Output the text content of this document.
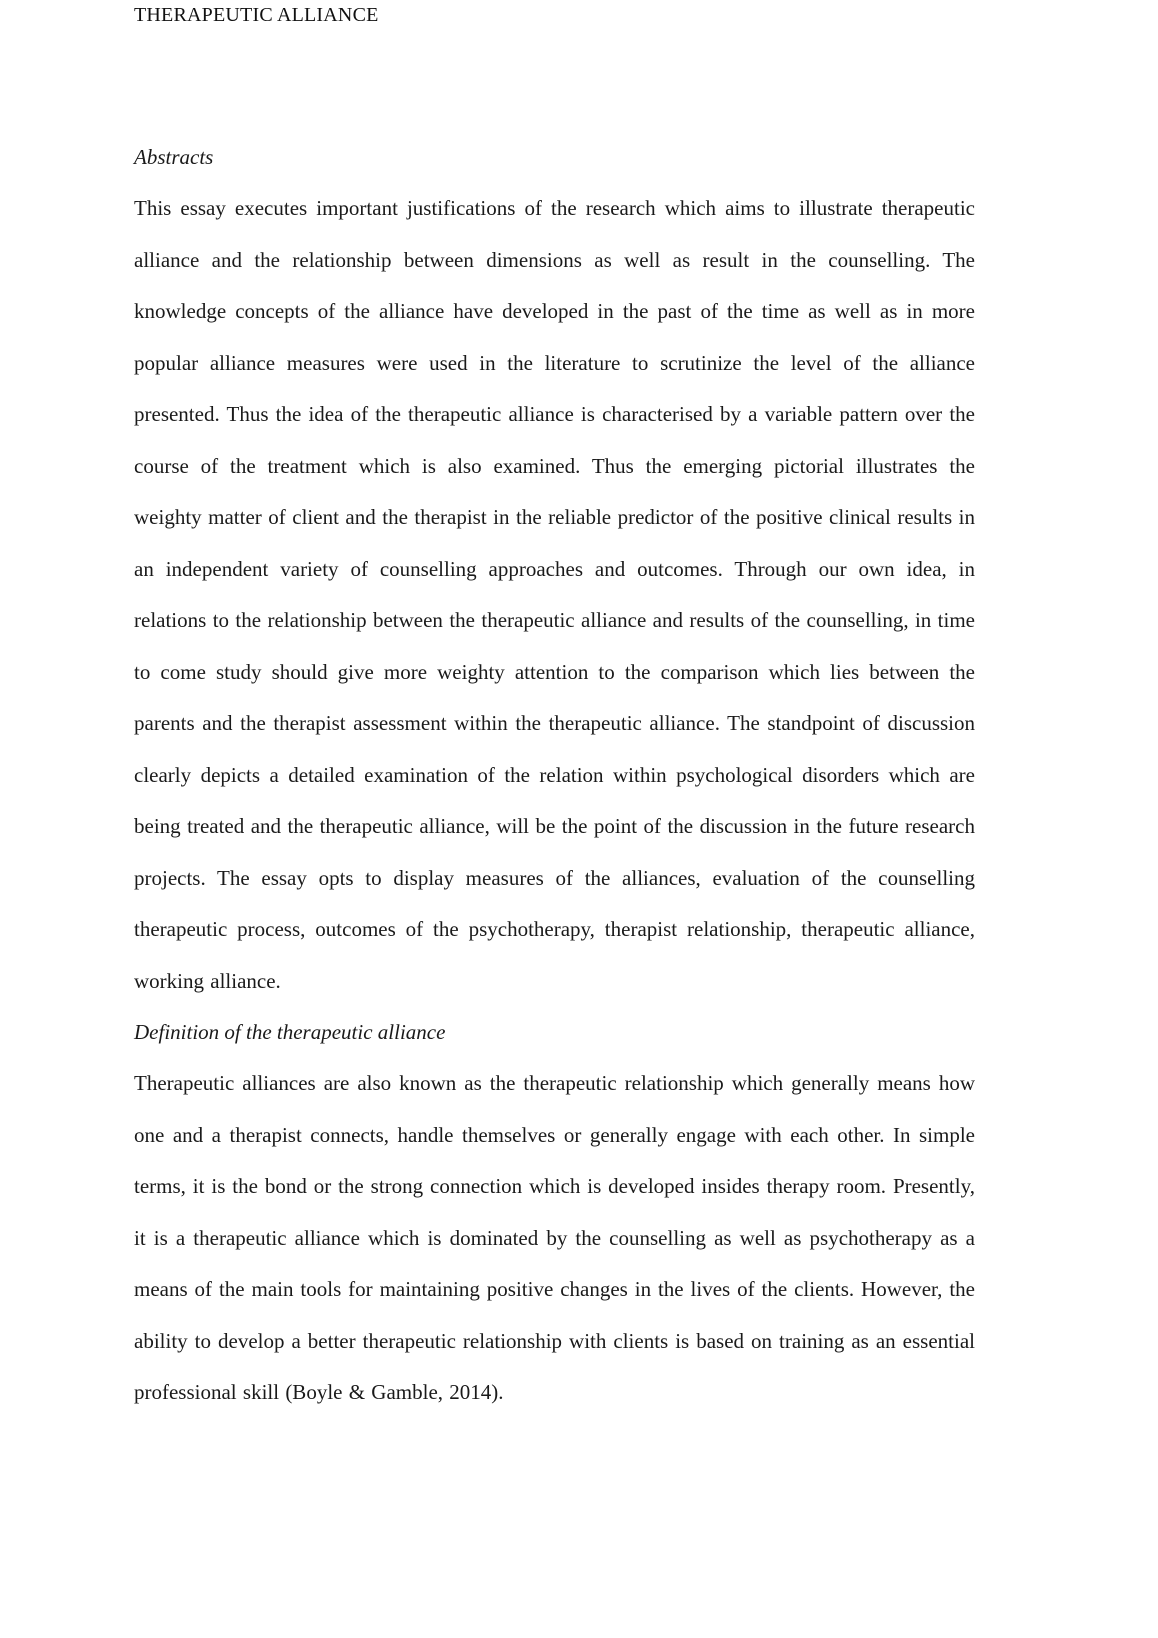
THERAPEUTIC ALLIANCE
Abstracts

This essay executes important justifications of the research which aims to illustrate therapeutic alliance and the relationship between dimensions as well as result in the counselling. The knowledge concepts of the alliance have developed in the past of the time as well as in more popular alliance measures were used in the literature to scrutinize the level of the alliance presented. Thus the idea of the therapeutic alliance is characterised by a variable pattern over the course of the treatment which is also examined. Thus the emerging pictorial illustrates the weighty matter of client and the therapist in the reliable predictor of the positive clinical results in an independent variety of counselling approaches and outcomes. Through our own idea, in relations to the relationship between the therapeutic alliance and results of the counselling, in time to come study should give more weighty attention to the comparison which lies between the parents and the therapist assessment within the therapeutic alliance. The standpoint of discussion clearly depicts a detailed examination of the relation within psychological disorders which are being treated and the therapeutic alliance, will be the point of the discussion in the future research projects. The essay opts to display measures of the alliances, evaluation of the counselling therapeutic process, outcomes of the psychotherapy, therapist relationship, therapeutic alliance, working alliance.

Definition of the therapeutic alliance

Therapeutic alliances are also known as the therapeutic relationship which generally means how one and a therapist connects, handle themselves or generally engage with each other. In simple terms, it is the bond or the strong connection which is developed insides therapy room. Presently, it is a therapeutic alliance which is dominated by the counselling as well as psychotherapy as a means of the main tools for maintaining positive changes in the lives of the clients. However, the ability to develop a better therapeutic relationship with clients is based on training as an essential professional skill (Boyle & Gamble, 2014).
